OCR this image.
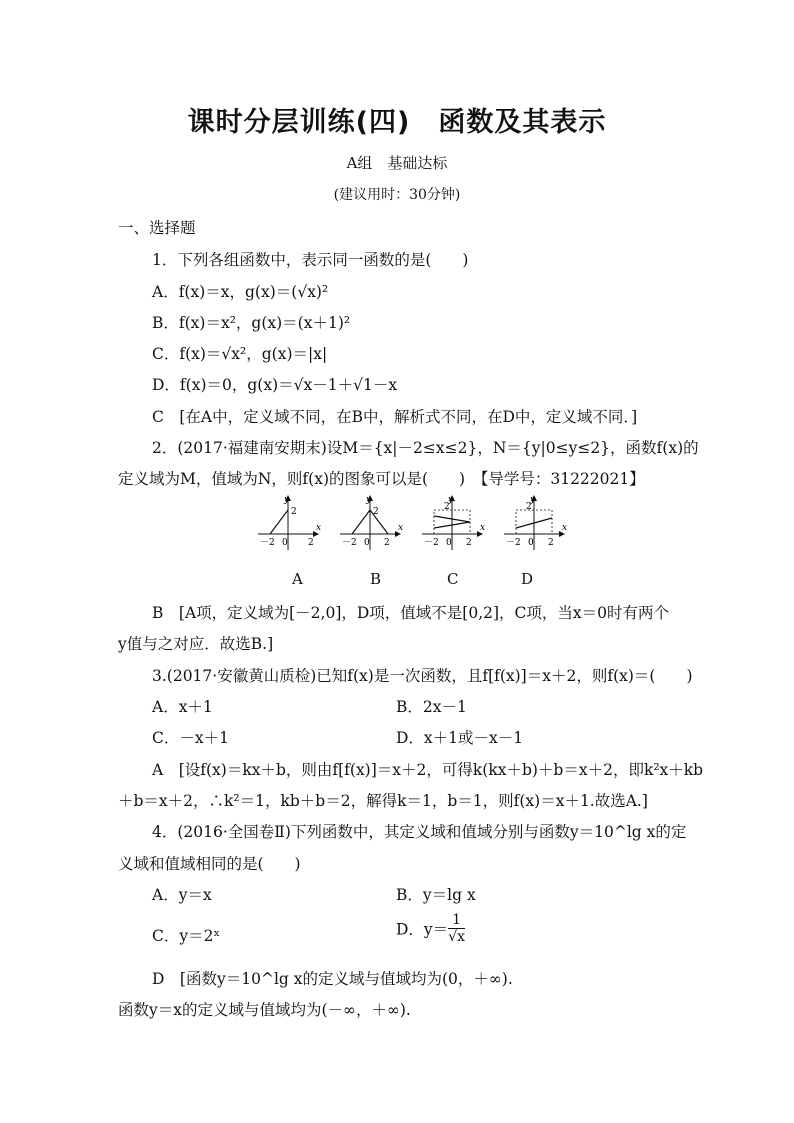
课时分层训练(四) 函数及其表示
A组　基础达标
(建议用时：30分钟)
一、选择题
1．下列各组函数中，表示同一函数的是(　　)
A．f(x)＝x，g(x)＝(√x)²
B．f(x)＝x²，g(x)＝(x＋1)²
C．f(x)＝√x²，g(x)＝|x|
D．f(x)＝0，g(x)＝√x－1＋√1－x
C　[在A中，定义域不同，在B中，解析式不同，在D中，定义域不同．]
2．(2017·福建南安期末)设M＝{x|－2≤x≤2}，N＝{y|0≤y≤2}，函数f(x)的
定义域为M，值域为N，则f(x)的图象可以是(　　)　【导学号：31222021】
y
x
2
－2 0 2
y
x
2
－2 0 2
y
x
2
－2 0 2
y
x
2
－2 0 2
A	B	C	D
B　[A项，定义域为[－2,0]，D项，值域不是[0,2]，C项，当x＝0时有两个
y值与之对应．故选B.]
3.(2017·安徽黄山质检)已知f(x)是一次函数，且f[f(x)]＝x＋2，则f(x)＝(　　)
A．x＋1	B．2x－1
C．－x＋1	D．x＋1或－x－1
A　[设f(x)＝kx＋b，则由f[f(x)]＝x＋2，可得k(kx＋b)＋b＝x＋2，即k²x＋kb
＋b＝x＋2，∴k²＝1，kb＋b＝2，解得k＝1，b＝1，则f(x)＝x＋1.故选A.]
4．(2016·全国卷Ⅱ)下列函数中，其定义域和值域分别与函数y＝10^lg x的定
义域和值域相同的是(　　)
A．y＝x	B．y＝lg x
C．y＝2ˣ	D．$y= \frac{1}{√x}$
D　[函数y＝10^lg x的定义域与值域均为(0，＋∞).
函数y＝x的定义域与值域均为(－∞，＋∞).
